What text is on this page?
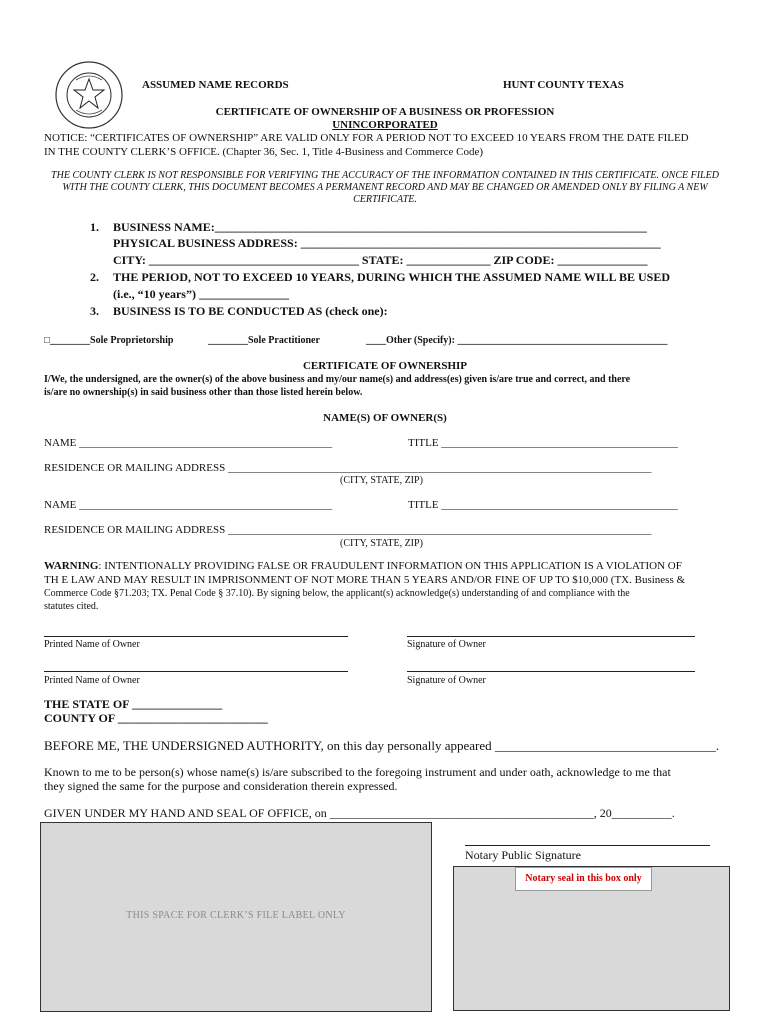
ASSUMED NAME RECORDS	HUNT COUNTY TEXAS
CERTIFICATE OF OWNERSHIP OF A BUSINESS OR PROFESSION
UNINCORPORATED
NOTICE: “CERTIFICATES OF OWNERSHIP” ARE VALID ONLY FOR A PERIOD NOT TO EXCEED 10 YEARS FROM THE DATE FILED
IN THE COUNTY CLERK’S OFFICE. (Chapter 36, Sec. 1, Title 4-Business and Commerce Code)
THE COUNTY CLERK IS NOT RESPONSIBLE FOR VERIFYING THE ACCURACY OF THE INFORMATION CONTAINED IN THIS CERTIFICATE. ONCE FILED
WITH THE COUNTY CLERK, THIS DOCUMENT BECOMES A PERMANENT RECORD AND MAY BE CHANGED OR AMENDED ONLY BY FILING A NEW
CERTIFICATE.
1. BUSINESS NAME:________________________________________________________________________
PHYSICAL BUSINESS ADDRESS: ____________________________________________________________
CITY: ___________________________________ STATE: ______________ ZIP CODE: _______________
2. THE PERIOD, NOT TO EXCEED 10 YEARS, DURING WHICH THE ASSUMED NAME WILL BE USED
(i.e., “10 years”) _______________
3. BUSINESS IS TO BE CONDUCTED AS (check one):
□________Sole Proprietorship	________Sole Practitioner	____Other (Specify): __________________________________________
CERTIFICATE OF OWNERSHIP
I/We, the undersigned, are the owner(s) of the above business and my/our name(s) and address(es) given is/are true and correct, and there
is/are no ownership(s) in said business other than those listed herein below.
NAME(S) OF OWNER(S)
NAME ______________________________________________	TITLE ___________________________________________
RESIDENCE OR MAILING ADDRESS _____________________________________________________________________________
(CITY, STATE, ZIP)
NAME ______________________________________________	TITLE ___________________________________________
RESIDENCE OR MAILING ADDRESS _____________________________________________________________________________
(CITY, STATE, ZIP)
WARNING: INTENTIONALLY PROVIDING FALSE OR FRAUDULENT INFORMATION ON THIS APPLICATION IS A VIOLATION OF
TH E LAW AND MAY RESULT IN IMPRISONMENT OF NOT MORE THAN 5 YEARS AND/OR FINE OF UP TO $10,000 (TX. Business &
Commerce Code §71.203; TX. Penal Code § 37.10). By signing below, the applicant(s) acknowledge(s) understanding of and compliance with the
statutes cited.
Printed Name of Owner	Signature of Owner
Printed Name of Owner	Signature of Owner
THE STATE OF _______________
COUNTY OF _________________________
BEFORE ME, THE UNDERSIGNED AUTHORITY, on this day personally appeared __________________________________.
Known to me to be person(s) whose name(s) is/are subscribed to the foregoing instrument and under oath, acknowledge to me that
they signed the same for the purpose and consideration therein expressed.
GIVEN UNDER MY HAND AND SEAL OF OFFICE, on ____________________________________________, 20__________.
THIS SPACE FOR CLERK’S FILE LABEL ONLY
Notary Public Signature
Notary seal in this box only
